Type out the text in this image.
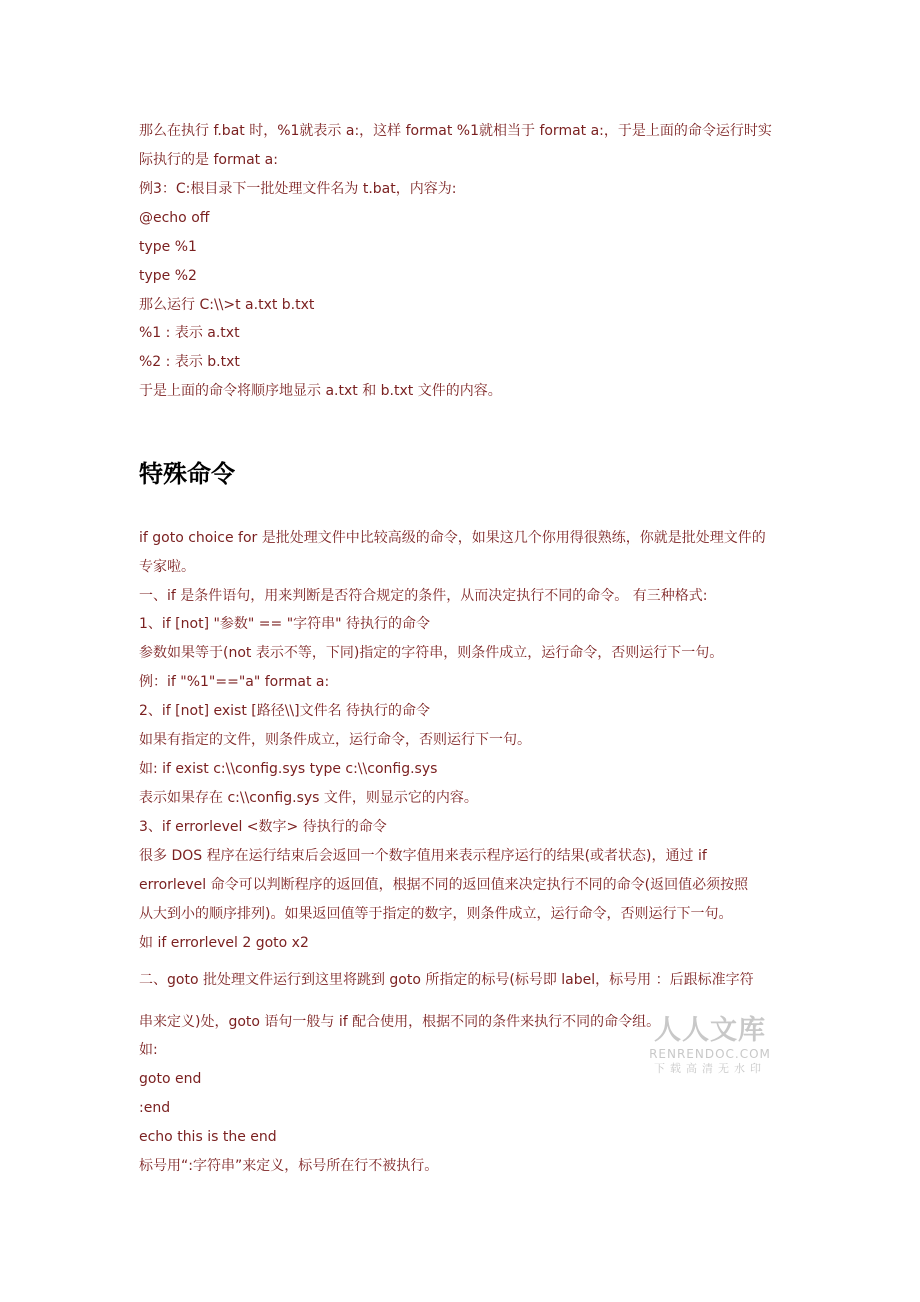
那么在执行 f.bat 时，%1就表示 a:，这样 format %1就相当于 format a:，于是上面的命令运行时实
际执行的是 format a:
例3：C:根目录下一批处理文件名为 t.bat，内容为:
@echo off
type %1
type %2
那么运行 C:\\>t a.txt b.txt
%1 : 表示 a.txt
%2 : 表示 b.txt
于是上面的命令将顺序地显示 a.txt 和 b.txt 文件的内容。
特殊命令
if goto choice for 是批处理文件中比较高级的命令，如果这几个你用得很熟练，你就是批处理文件的
专家啦。
一、if 是条件语句，用来判断是否符合规定的条件，从而决定执行不同的命令。 有三种格式:
1、if [not] "参数" == "字符串" 待执行的命令
参数如果等于(not 表示不等，下同)指定的字符串，则条件成立，运行命令，否则运行下一句。
例：if "%1"=="a" format a:
2、if [not] exist [路径\\]文件名 待执行的命令
如果有指定的文件，则条件成立，运行命令，否则运行下一句。
如: if exist c:\\config.sys type c:\\config.sys
表示如果存在 c:\\config.sys 文件，则显示它的内容。
3、if errorlevel <数字> 待执行的命令
很多 DOS 程序在运行结束后会返回一个数字值用来表示程序运行的结果(或者状态)，通过 if
errorlevel 命令可以判断程序的返回值，根据不同的返回值来决定执行不同的命令(返回值必须按照
从大到小的顺序排列)。如果返回值等于指定的数字，则条件成立，运行命令，否则运行下一句。
如 if errorlevel 2 goto x2
二、goto 批处理文件运行到这里将跳到 goto 所指定的标号(标号即 label，标号用 ：后跟标准字符
串来定义)处，goto 语句一般与 if 配合使用，根据不同的条件来执行不同的命令组。
如:
goto end
:end
echo this is the end
标号用“:字符串”来定义，标号所在行不被执行。
人人文库
RENRENDOC.COM
下载高清无水印
